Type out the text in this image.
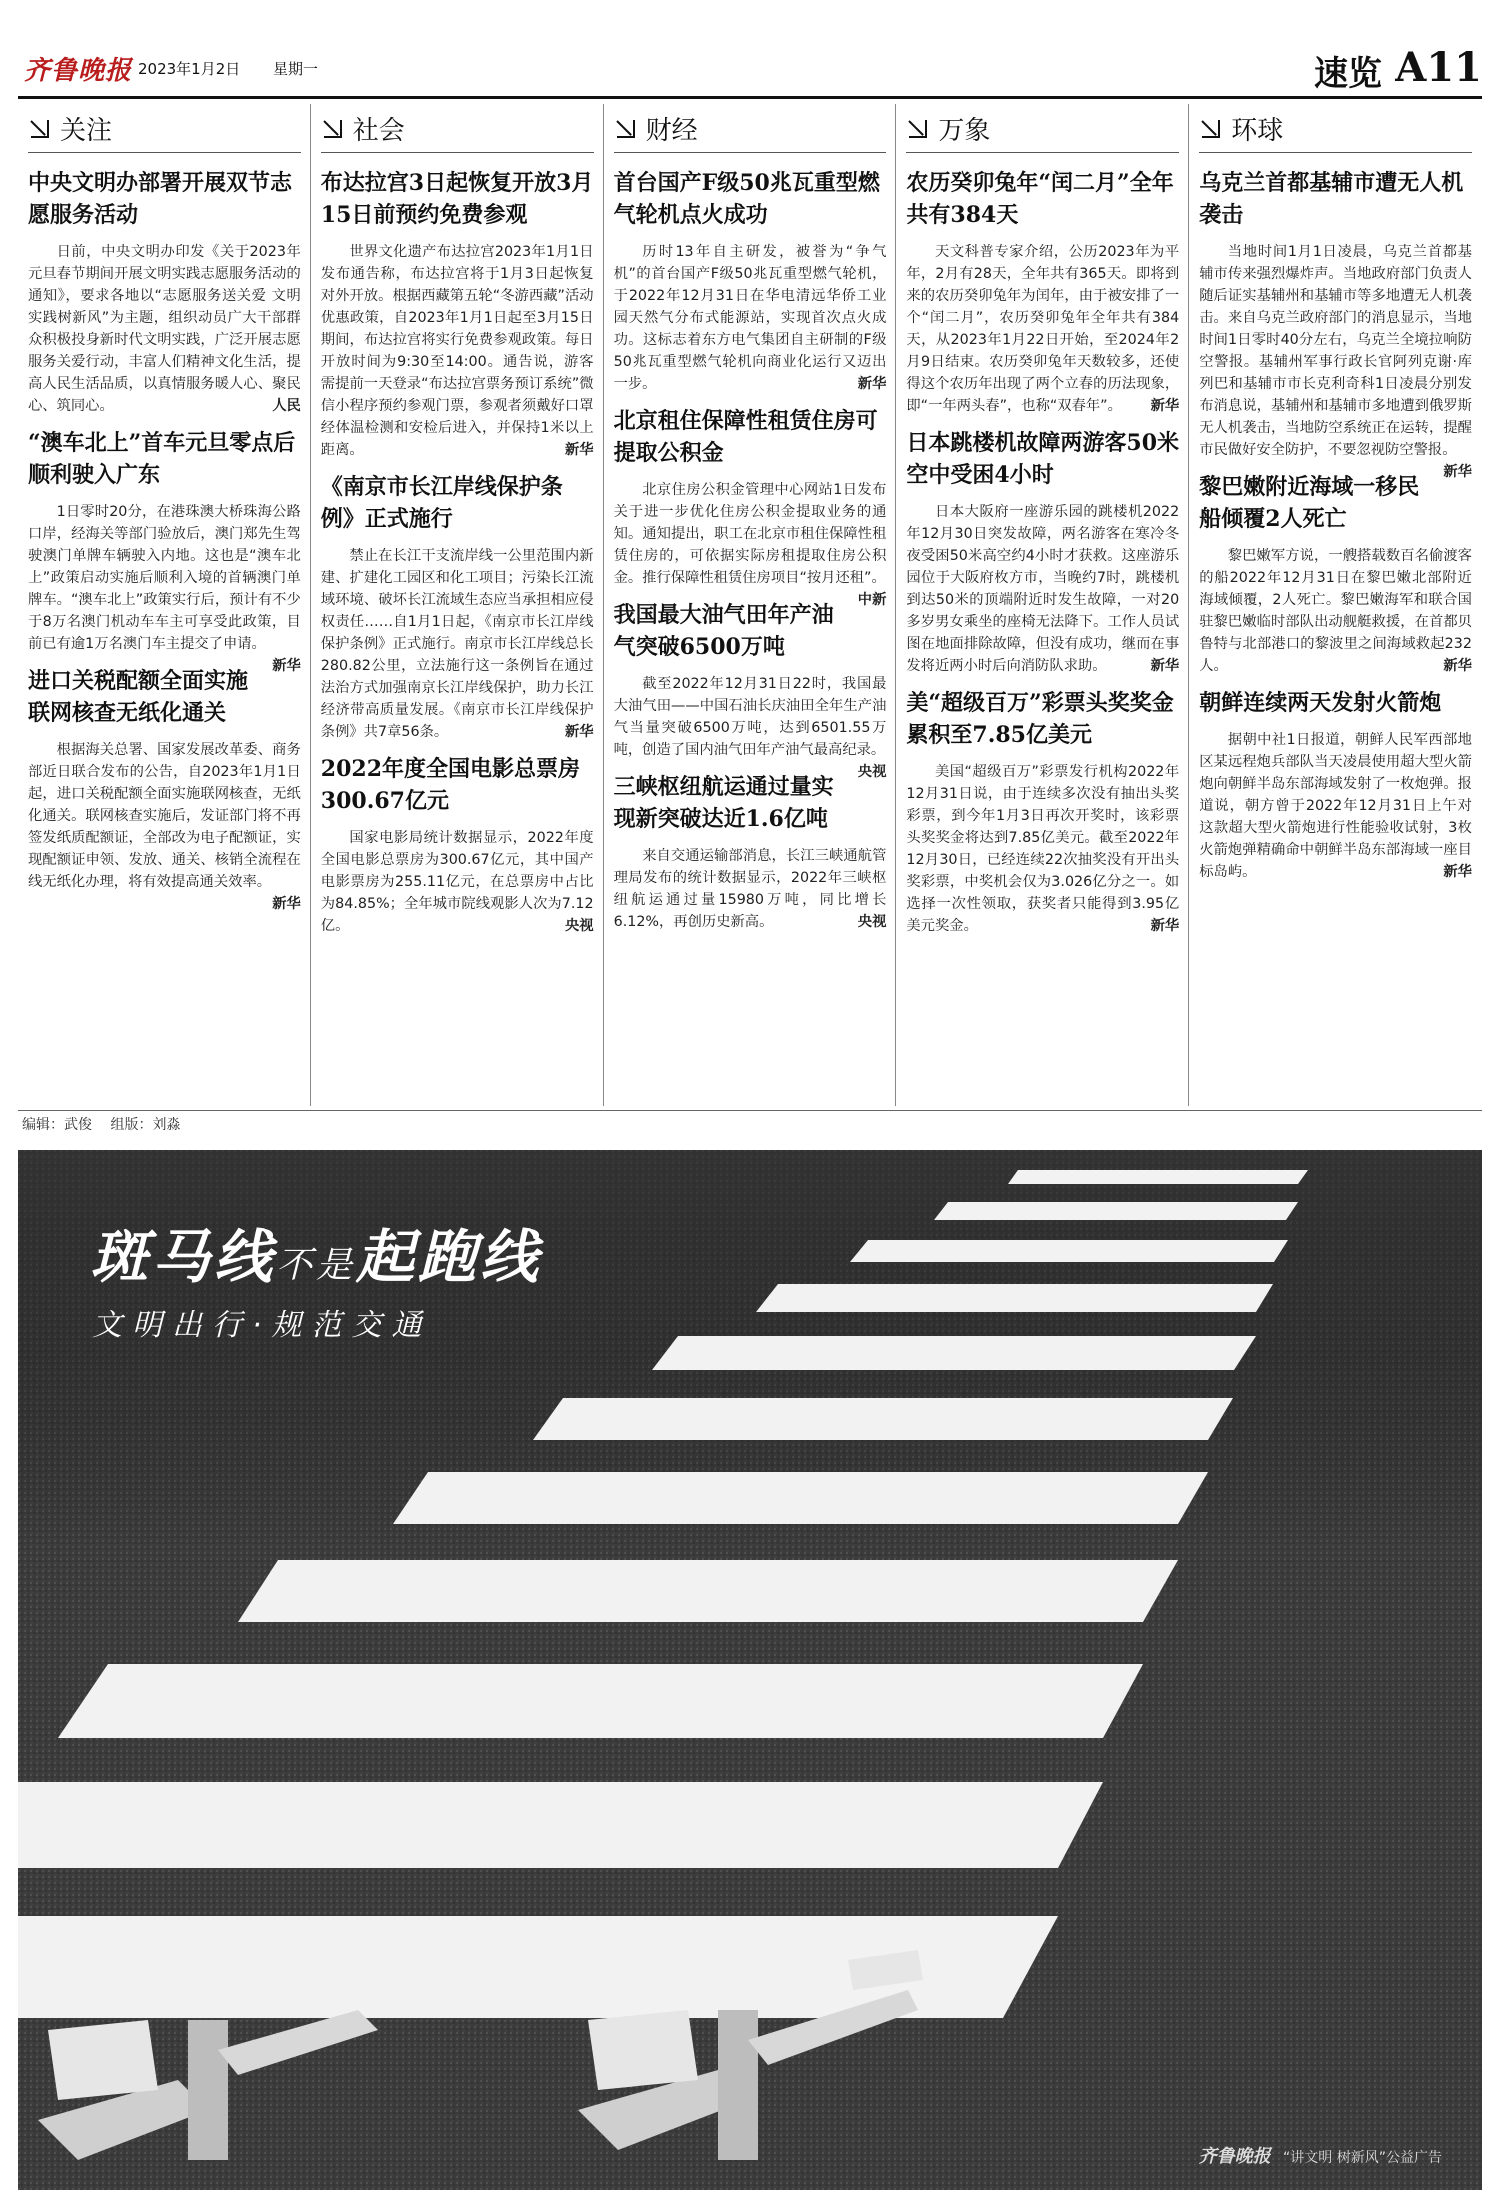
齐鲁晚报 2023年1月2日 星期一	速览 A11
关注
中央文明办部署开展双节志愿服务活动

日前，中央文明办印发《关于2023年元旦春节期间开展文明实践志愿服务活动的通知》，要求各地以“志愿服务送关爱 文明实践树新风”为主题，组织动员广大干部群众积极投身新时代文明实践，广泛开展志愿服务关爱行动，丰富人们精神文化生活，提高人民生活品质，以真情服务暖人心、聚民心、筑同心。	人民

“澳车北上”首车元旦零点后顺利驶入广东

1日零时20分，在港珠澳大桥珠海公路口岸，经海关等部门验放后，澳门郑先生驾驶澳门单牌车辆驶入内地。这也是“澳车北上”政策启动实施后顺利入境的首辆澳门单牌车。“澳车北上”政策实行后，预计有不少于8万名澳门机动车车主可享受此政策，目前已有逾1万名澳门车主提交了申请。
新华

进口关税配额全面实施联网核查无纸化通关

根据海关总署、国家发展改革委、商务部近日联合发布的公告，自2023年1月1日起，进口关税配额全面实施联网核查，无纸化通关。联网核查实施后，发证部门将不再签发纸质配额证，全部改为电子配额证，实现配额证申领、发放、通关、核销全流程在线无纸化办理，将有效提高通关效率。
新华

社会
布达拉宫3日起恢复开放3月15日前预约免费参观

世界文化遗产布达拉宫2023年1月1日发布通告称，布达拉宫将于1月3日起恢复对外开放。根据西藏第五轮“冬游西藏”活动优惠政策，自2023年1月1日起至3月15日期间，布达拉宫将实行免费参观政策。每日开放时间为9:30至14:00。通告说，游客需提前一天登录“布达拉宫票务预订系统”微信小程序预约参观门票，参观者须戴好口罩经体温检测和安检后进入，并保持1米以上距离。	新华

《南京市长江岸线保护条例》正式施行

禁止在长江干支流岸线一公里范围内新建、扩建化工园区和化工项目；污染长江流域环境、破坏长江流域生态应当承担相应侵权责任……自1月1日起，《南京市长江岸线保护条例》正式施行。南京市长江岸线总长280.82公里，立法施行这一条例旨在通过法治方式加强南京长江岸线保护，助力长江经济带高质量发展。《南京市长江岸线保护条例》共7章56条。	新华

2022年度全国电影总票房300.67亿元

国家电影局统计数据显示，2022年度全国电影总票房为300.67亿元，其中国产电影票房为255.11亿元，在总票房中占比为84.85%；全年城市院线观影人次为7.12亿。	央视

财经
首台国产F级50兆瓦重型燃气轮机点火成功

历时13年自主研发，被誉为“争气机”的首台国产F级50兆瓦重型燃气轮机，于2022年12月31日在华电清远华侨工业园天然气分布式能源站，实现首次点火成功。这标志着东方电气集团自主研制的F级50兆瓦重型燃气轮机向商业化运行又迈出一步。	新华

北京租住保障性租赁住房可提取公积金

北京住房公积金管理中心网站1日发布关于进一步优化住房公积金提取业务的通知。通知提出，职工在北京市租住保障性租赁住房的，可依据实际房租提取住房公积金。推行保障性租赁住房项目“按月还租”。
中新

我国最大油气田年产油气突破6500万吨

截至2022年12月31日22时，我国最大油气田——中国石油长庆油田全年生产油气当量突破6500万吨，达到6501.55万吨，创造了国内油气田年产油气最高纪录。
央视

三峡枢纽航运通过量实现新突破达近1.6亿吨

来自交通运输部消息，长江三峡通航管理局发布的统计数据显示，2022年三峡枢纽航运通过量15980万吨，同比增长6.12%，再创历史新高。	央视

万象
农历癸卯兔年“闰二月”全年共有384天

天文科普专家介绍，公历2023年为平年，2月有28天，全年共有365天。即将到来的农历癸卯兔年为闰年，由于被安排了一个“闰二月”，农历癸卯兔年全年共有384天，从2023年1月22日开始，至2024年2月9日结束。农历癸卯兔年天数较多，还使得这个农历年出现了两个立春的历法现象，即“一年两头春”，也称“双春年”。 新华

日本跳楼机故障两游客50米空中受困4小时

日本大阪府一座游乐园的跳楼机2022年12月30日突发故障，两名游客在寒冷冬夜受困50米高空约4小时才获救。这座游乐园位于大阪府枚方市，当晚约7时，跳楼机到达50米的顶端附近时发生故障，一对20多岁男女乘坐的座椅无法降下。工作人员试图在地面排除故障，但没有成功，继而在事发将近两小时后向消防队求助。	新华

美“超级百万”彩票头奖奖金累积至7.85亿美元

美国“超级百万”彩票发行机构2022年12月31日说，由于连续多次没有抽出头奖彩票，到今年1月3日再次开奖时，该彩票头奖奖金将达到7.85亿美元。截至2022年12月30日，已经连续22次抽奖没有开出头奖彩票，中奖机会仅为3.026亿分之一。如选择一次性领取，获奖者只能得到3.95亿美元奖金。	新华

环球
乌克兰首都基辅市遭无人机袭击

当地时间1月1日凌晨，乌克兰首都基辅市传来强烈爆炸声。当地政府部门负责人随后证实基辅州和基辅市等多地遭无人机袭击。来自乌克兰政府部门的消息显示，当地时间1日零时40分左右，乌克兰全境拉响防空警报。基辅州军事行政长官阿列克谢·库列巴和基辅市市长克利奇科1日凌晨分别发布消息说，基辅州和基辅市多地遭到俄罗斯无人机袭击，当地防空系统正在运转，提醒市民做好安全防护，不要忽视防空警报。
新华

黎巴嫩附近海域一移民船倾覆2人死亡

黎巴嫩军方说，一艘搭载数百名偷渡客的船2022年12月31日在黎巴嫩北部附近海域倾覆，2人死亡。黎巴嫩海军和联合国驻黎巴嫩临时部队出动舰艇救援，在首都贝鲁特与北部港口的黎波里之间海域救起232人。	新华

朝鲜连续两天发射火箭炮

据朝中社1日报道，朝鲜人民军西部地区某远程炮兵部队当天凌晨使用超大型火箭炮向朝鲜半岛东部海域发射了一枚炮弹。报道说，朝方曾于2022年12月31日上午对这款超大型火箭炮进行性能验收试射，3枚火箭炮弹精确命中朝鲜半岛东部海域一座目标岛屿。	新华

编辑：武俊 组版：刘淼
斑马线不是起跑线
文明出行·规范交通
齐鲁晚报 “讲文明 树新风”公益广告
